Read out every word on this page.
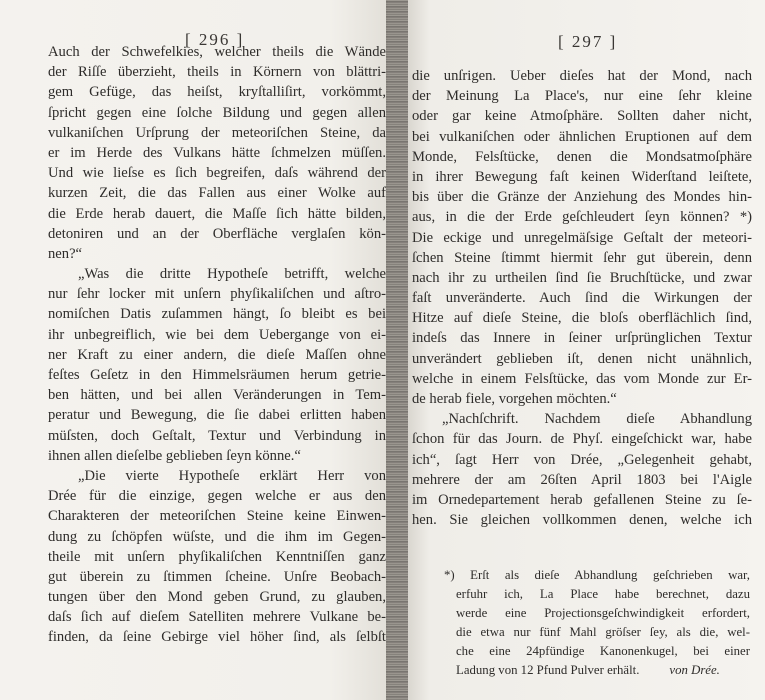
[ 296 ]
Auch der Schwefelkies, welcher theils die Wände
der Riſſe überzieht, theils in Körnern von blättri-
gem Gefüge, das heiſst, kryſtalliſirt, vorkömmt,
ſpricht gegen eine ſolche Bildung und gegen allen
vulkaniſchen Urſprung der meteoriſchen Steine, da
er im Herde des Vulkans hätte ſchmelzen müſſen.
Und wie lieſse es ſich begreifen, daſs während der
kurzen Zeit, die das Fallen aus einer Wolke auf
die Erde herab dauert, die Maſſe ſich hätte bilden,
detoniren und an der Oberfläche verglaſen kön-
nen?“
„Was die dritte Hypotheſe betrifft, welche
nur ſehr locker mit unſern phyſikaliſchen und aſtro-
nomiſchen Datis zuſammen hängt, ſo bleibt es bei
ihr unbegreiflich, wie bei dem Uebergange von ei-
ner Kraft zu einer andern, die dieſe Maſſen ohne
feſtes Geſetz in den Himmelsräumen herum getrie-
ben hätten, und bei allen Veränderungen in Tem-
peratur und Bewegung, die ſie dabei erlitten haben
müſsten, doch Geſtalt, Textur und Verbindung in
ihnen allen dieſelbe geblieben ſeyn könne.“
„Die vierte Hypotheſe erklärt Herr von
Drée für die einzige, gegen welche er aus den
Charakteren der meteoriſchen Steine keine Einwen-
dung zu ſchöpfen wüſste, und die ihm im Gegen-
theile mit unſern phyſikaliſchen Kenntniſſen ganz
gut überein zu ſtimmen ſcheine. Unſre Beobach-
tungen über den Mond geben Grund, zu glauben,
daſs ſich auf dieſem Satelliten mehrere Vulkane be-
finden, da ſeine Gebirge viel höher ſind, als ſelbſt
[ 297 ]
die unſrigen. Ueber dieſes hat der Mond, nach
der Meinung La Place's, nur eine ſehr kleine
oder gar keine Atmoſphäre. Sollten daher nicht,
bei vulkaniſchen oder ähnlichen Eruptionen auf dem
Monde, Felsſtücke, denen die Mondsatmoſphäre
in ihrer Bewegung faſt keinen Widerſtand leiſtete,
bis über die Gränze der Anziehung des Mondes hin-
aus, in die der Erde geſchleudert ſeyn können? *)
Die eckige und unregelmäſsige Geſtalt der meteori-
ſchen Steine ſtimmt hiermit ſehr gut überein, denn
nach ihr zu urtheilen ſind ſie Bruchſtücke, und zwar
faſt unveränderte. Auch ſind die Wirkungen der
Hitze auf dieſe Steine, die bloſs oberflächlich ſind,
indeſs das Innere in ſeiner urſprünglichen Textur
unverändert geblieben iſt, denen nicht unähnlich,
welche in einem Felsſtücke, das vom Monde zur Er-
de herab fiele, vorgehen möchten.“
„Nachſchrift. Nachdem dieſe Abhandlung
ſchon für das Journ. de Phyſ. eingeſchickt war, habe
ich“, ſagt Herr von Drée, „Gelegenheit gehabt,
mehrere der am 26ſten April 1803 bei l'Aigle
im Ornedepartement herab gefallenen Steine zu ſe-
hen. Sie gleichen vollkommen denen, welche ich
*) Erſt als dieſe Abhandlung geſchrieben war,
erfuhr ich, La Place habe berechnet, dazu
werde eine Projectionsgeſchwindigkeit erfordert,
die etwa nur fünf Mahl gröſser ſey, als die, wel-
che eine 24pfündige Kanonenkugel, bei einer
Ladung von 12 Pfund Pulver erhält. von Drée.
